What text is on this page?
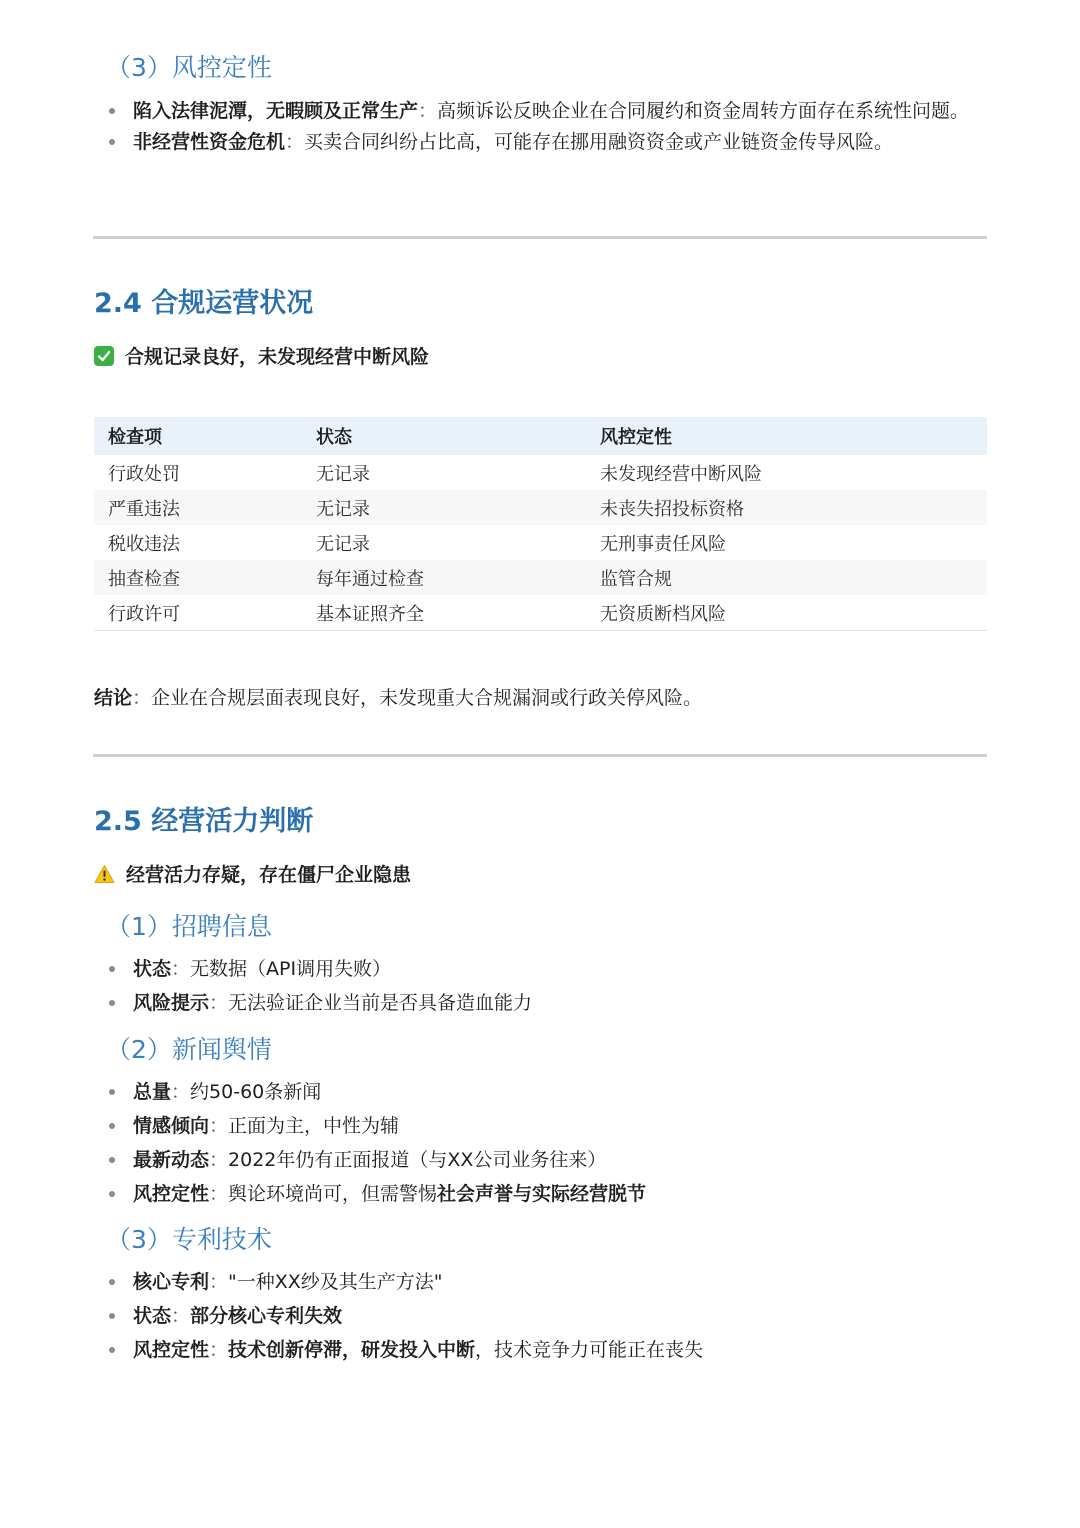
（3）风控定性

陷入法律泥潭，无暇顾及正常生产：高频诉讼反映企业在合同履约和资金周转方面存在系统性问题。

非经营性资金危机：买卖合同纠纷占比高，可能存在挪用融资资金或产业链资金传导风险。

2.4 合规运营状况
合规记录良好，未发现经营中断风险
检查项	状态	风控定性
行政处罚	无记录	未发现经营中断风险
严重违法	无记录	未丧失招投标资格
税收违法	无记录	无刑事责任风险
抽查检查	每年通过检查	监管合规
行政许可	基本证照齐全	无资质断档风险
结论：企业在合规层面表现良好，未发现重大合规漏洞或行政关停风险。
2.5 经营活力判断
经营活力存疑，存在僵尸企业隐患
（1）招聘信息

状态：无数据（API调用失败）

风险提示：无法验证企业当前是否具备造血能力

（2）新闻舆情

总量：约50-60条新闻

情感倾向：正面为主，中性为辅

最新动态：2022年仍有正面报道（与XX公司业务往来）

风控定性：舆论环境尚可，但需警惕社会声誉与实际经营脱节

（3）专利技术

核心专利："一种XX纱及其生产方法"

状态：部分核心专利失效

风控定性：技术创新停滞，研发投入中断，技术竞争力可能正在丧失
